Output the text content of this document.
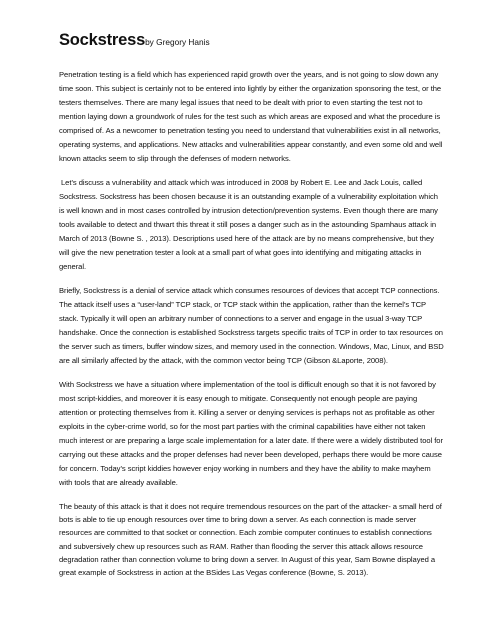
Sockstressby Gregory Hanis

Penetration testing is a field which has experienced rapid growth over the years, and is not going to slow down any time soon. This subject is certainly not to be entered into lightly by either the organization sponsoring the test, or the testers themselves. There are many legal issues that need to be dealt with prior to even starting the test not to mention laying down a groundwork of rules for the test such as which areas are exposed and what the procedure is comprised of. As a newcomer to penetration testing you need to understand that vulnerabilities exist in all networks, operating systems, and applications. New attacks and vulnerabilities appear constantly, and even some old and well known attacks seem to slip through the defenses of modern networks.

Let’s discuss a vulnerability and attack which was introduced in 2008 by Robert E. Lee and Jack Louis, called Sockstress. Sockstress has been chosen because it is an outstanding example of a vulnerability exploitation which is well known and in most cases controlled by intrusion detection/prevention systems. Even though there are many tools available to detect and thwart this threat it still poses a danger such as in the astounding Spamhaus attack in March of 2013 (Bowne S. , 2013). Descriptions used here of the attack are by no means comprehensive, but they will give the new penetration tester a look at a small part of what goes into identifying and mitigating attacks in general.

Briefly, Sockstress is a denial of service attack which consumes resources of devices that accept TCP connections. The attack itself uses a “user-land” TCP stack, or TCP stack within the application, rather than the kernel’s TCP stack. Typically it will open an arbitrary number of connections to a server and engage in the usual 3-way TCP handshake. Once the connection is established Sockstress targets specific traits of TCP in order to tax resources on the server such as timers, buffer window sizes, and memory used in the connection. Windows, Mac, Linux, and BSD are all similarly affected by the attack, with the common vector being TCP (Gibson &Laporte, 2008).

With Sockstress we have a situation where implementation of the tool is difficult enough so that it is not favored by most script-kiddies, and moreover it is easy enough to mitigate. Consequently not enough people are paying attention or protecting themselves from it. Killing a server or denying services is perhaps not as profitable as other exploits in the cyber-crime world, so for the most part parties with the criminal capabilities have either not taken much interest or are preparing a large scale implementation for a later date. If there were a widely distributed tool for carrying out these attacks and the proper defenses had never been developed, perhaps there would be more cause for concern. Today’s script kiddies however enjoy working in numbers and they have the ability to make mayhem with tools that are already available.

The beauty of this attack is that it does not require tremendous resources on the part of the attacker- a small herd of bots is able to tie up enough resources over time to bring down a server. As each connection is made server resources are committed to that socket or connection. Each zombie computer continues to establish connections and subversively chew up resources such as RAM. Rather than flooding the server this attack allows resource degradation rather than connection volume to bring down a server. In August of this year, Sam Bowne displayed a great example of Sockstress in action at the BSides Las Vegas conference (Bowne, S. 2013).
